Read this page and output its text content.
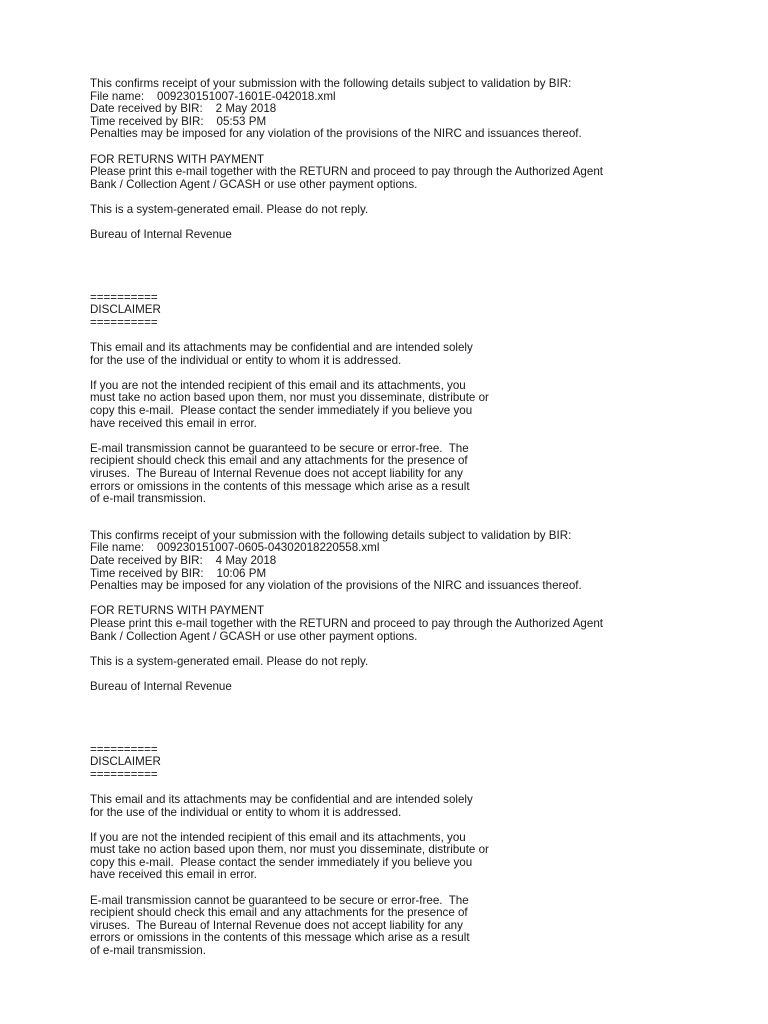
This confirms receipt of your submission with the following details subject to validation by BIR:
File name:    009230151007-1601E-042018.xml
Date received by BIR:    2 May 2018
Time received by BIR:    05:53 PM
Penalties may be imposed for any violation of the provisions of the NIRC and issuances thereof.
FOR RETURNS WITH PAYMENT
Please print this e-mail together with the RETURN and proceed to pay through the Authorized Agent
Bank / Collection Agent / GCASH or use other payment options.
This is a system-generated email. Please do not reply.
Bureau of Internal Revenue
==========
DISCLAIMER
==========
This email and its attachments may be confidential and are intended solely
for the use of the individual or entity to whom it is addressed.
If you are not the intended recipient of this email and its attachments, you
must take no action based upon them, nor must you disseminate, distribute or
copy this e-mail.  Please contact the sender immediately if you believe you
have received this email in error.
E-mail transmission cannot be guaranteed to be secure or error-free.  The
recipient should check this email and any attachments for the presence of
viruses.  The Bureau of Internal Revenue does not accept liability for any
errors or omissions in the contents of this message which arise as a result
of e-mail transmission.
This confirms receipt of your submission with the following details subject to validation by BIR:
File name:    009230151007-0605-04302018220558.xml
Date received by BIR:    4 May 2018
Time received by BIR:    10:06 PM
Penalties may be imposed for any violation of the provisions of the NIRC and issuances thereof.
FOR RETURNS WITH PAYMENT
Please print this e-mail together with the RETURN and proceed to pay through the Authorized Agent
Bank / Collection Agent / GCASH or use other payment options.
This is a system-generated email. Please do not reply.
Bureau of Internal Revenue
==========
DISCLAIMER
==========
This email and its attachments may be confidential and are intended solely
for the use of the individual or entity to whom it is addressed.
If you are not the intended recipient of this email and its attachments, you
must take no action based upon them, nor must you disseminate, distribute or
copy this e-mail.  Please contact the sender immediately if you believe you
have received this email in error.
E-mail transmission cannot be guaranteed to be secure or error-free.  The
recipient should check this email and any attachments for the presence of
viruses.  The Bureau of Internal Revenue does not accept liability for any
errors or omissions in the contents of this message which arise as a result
of e-mail transmission.
